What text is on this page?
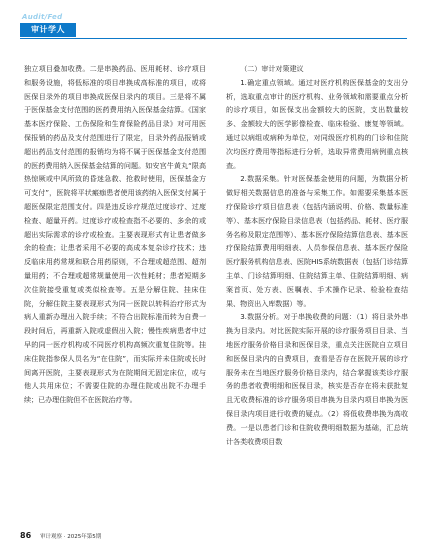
Audit/Fed
审计学人

独立项目叠加收费。二是串换药品、医用耗材、诊疗项目和服务设施，将低标准的项目串换成高标准的项目，或将医保目录外的项目串换成医保目录内的项目。三是将不属于医保基金支付范围的医药费用纳入医保基金结算。《国家基本医疗保险、工伤保险和生育保险药品目录》对可用医保报销的药品及支付范围进行了限定，目录外药品报销或超出药品支付范围的报销均为将不属于医保基金支付范围的医药费用纳入医保基金结算的问题。如安宫牛黄丸“限高热惊厥或中风所致的昏迷急救、抢救时使用，医保基金方可支付”，医院将平状瘢痂患者使用该药纳入医保支付属于超医保限定范围支付。四是违反诊疗规范过度诊疗、过度检查、超量开药。过度诊疗或检查指不必要的、多余的或超出实际需求的诊疗或检查。主要表现形式有让患者做多余的检查；让患者采用不必要的高成本复杂诊疗技术；违反临床用药常规和联合用药原则，不合理或超范围、超剂量用药；不合理或超常规量使用一次性耗材；患者短期多次住院接受重复或类似检查等。五是分解住院、挂床住院，分解住院主要表现形式为同一医院以转科治疗形式为病人重新办理出入院手续；不符合出院标准而转为自费一段时间后，再重新入院或虚假出入院；慢性疾病患者中过早的同一医疗机构或不同医疗机构高频次重复住院等。挂床住院指参保人员名为“在住院”，而实际并未住院或长时间离开医院，主要表现形式为在院期间无固定床位，或与他人共用床位；不需要住院的办理住院或出院不办理手续；已办理住院但不在医院治疗等。

（二）审计对策建议

1.确定重点领域。通过对医疗机构医保基金的支出分析，选取重点审计的医疗机构、业务领域和需要重点分析的诊疗项目，如医保支出金额较大的医院，支出数量较多、金额较大的医学影像检查、临床检验、康复等领域。通过以病组或病种为单位，对同级医疗机构的门诊和住院次均医疗费用等指标进行分析，选取异常费用病例重点核查。

2.数据采集。针对医保基金使用的问题，为数据分析做好相关数据信息的准备与采集工作。如需要采集基本医疗保险诊疗项目信息表（包括内涵说明、价格、数量标准等）、基本医疗保险目录信息表（包括药品、耗材、医疗服务名称及限定范围等）、基本医疗保险结算信息表、基本医疗保险结算费用明细表、人员参保信息表、基本医疗保险医疗服务机构信息表、医院HIS系统数据表（包括门诊结算主单、门诊结算明细、住院结算主单、住院结算明细、病案首页、处方表、医嘱表、手术操作记录、检验检查结果、物资出入库数据）等。

3.数据分析。对于串换收费的问题：（1）将目录外串换为目录内。对比医院实际开展的诊疗服务项目目录、当地医疗服务价格目录和医保目录，重点关注医院自立项目和医保目录内的自费项目，查看是否存在医院开展的诊疗服务未在当地医疗服务价格目录内，结合掌握该类诊疗服务的患者收费明细和医保目录，核实是否存在将未获批复且无收费标准的诊疗服务项目串换为目录内项目串换为医保目录内项目进行收费的疑点。（2）将低收费串换为高收费。一是以患者门诊和住院收费明细数据为基础，汇总统计各类收费项目数

86 审计观察 · 2025年第5期
